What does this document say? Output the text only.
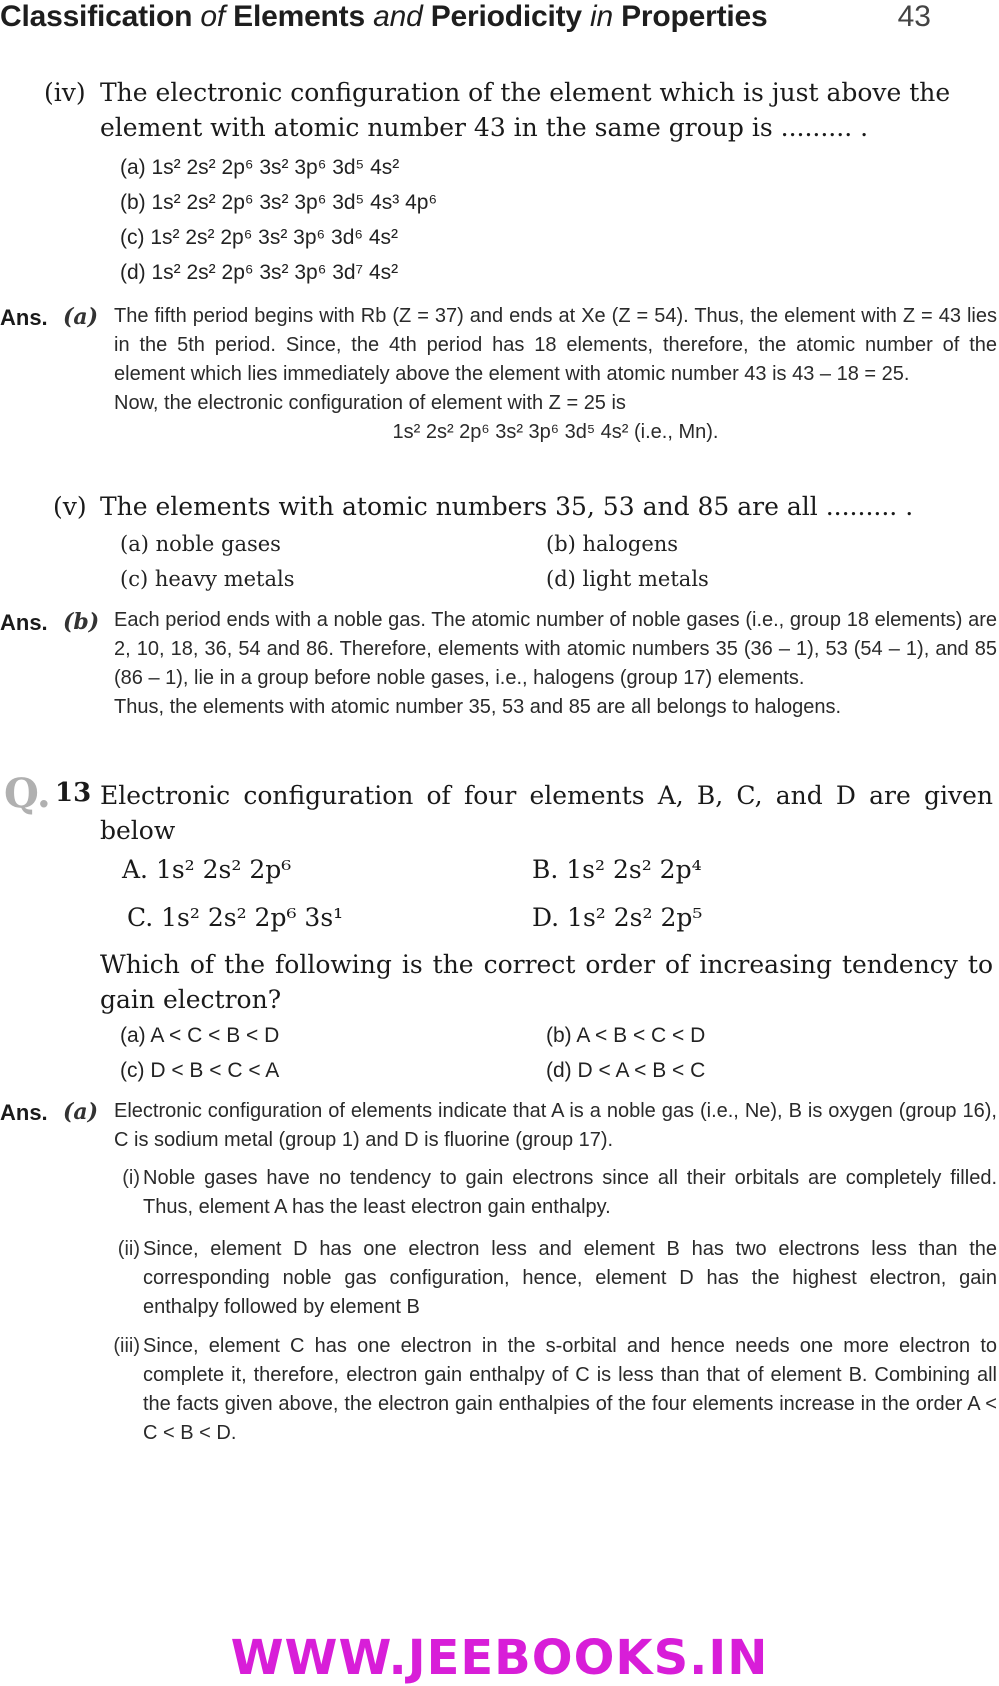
Classification of Elements and Periodicity in Properties	43
(iv) The electronic configuration of the element which is just above the element with atomic number 43 in the same group is ......... .
(a) 1s² 2s² 2p⁶ 3s² 3p⁶ 3d⁵ 4s²
(b) 1s² 2s² 2p⁶ 3s² 3p⁶ 3d⁵ 4s³ 4p⁶
(c) 1s² 2s² 2p⁶ 3s² 3p⁶ 3d⁶ 4s²
(d) 1s² 2s² 2p⁶ 3s² 3p⁶ 3d⁷ 4s²
Ans. (a) The fifth period begins with Rb (Z = 37) and ends at Xe (Z = 54). Thus, the element with Z = 43 lies in the 5th period. Since, the 4th period has 18 elements, therefore, the atomic number of the element which lies immediately above the element with atomic number 43 is 43 – 18 = 25.

Now, the electronic configuration of element with Z = 25 is

1s² 2s² 2p⁶ 3s² 3p⁶ 3d⁵ 4s² (i.e., Mn).

(v) The elements with atomic numbers 35, 53 and 85 are all ......... .
(a) noble gases	(b) halogens
(c) heavy metals	(d) light metals
Ans. (b) Each period ends with a noble gas. The atomic number of noble gases (i.e., group 18 elements) are 2, 10, 18, 36, 54 and 86. Therefore, elements with atomic numbers 35 (36 – 1), 53 (54 – 1), and 85 (86 – 1), lie in a group before noble gases, i.e., halogens (group 17) elements.

Thus, the elements with atomic number 35, 53 and 85 are all belongs to halogens.

Q. 13 Electronic configuration of four elements A, B, C, and D are given below
A. 1s² 2s² 2p⁶	B. 1s² 2s² 2p⁴
C. 1s² 2s² 2p⁶ 3s¹	D. 1s² 2s² 2p⁵
Which of the following is the correct order of increasing tendency to gain electron?
(a) A < C < B < D	(b) A < B < C < D
(c) D < B < C < A	(d) D < A < B < C
Ans. (a) Electronic configuration of elements indicate that A is a noble gas (i.e., Ne), B is oxygen (group 16), C is sodium metal (group 1) and D is fluorine (group 17).
(i) Noble gases have no tendency to gain electrons since all their orbitals are completely filled. Thus, element A has the least electron gain enthalpy.
(ii) Since, element D has one electron less and element B has two electrons less than the corresponding noble gas configuration, hence, element D has the highest electron, gain enthalpy followed by element B
(iii) Since, element C has one electron in the s-orbital and hence needs one more electron to complete it, therefore, electron gain enthalpy of C is less than that of element B. Combining all the facts given above, the electron gain enthalpies of the four elements increase in the order A < C < B < D.
WWW.JEEBOOKS.IN
